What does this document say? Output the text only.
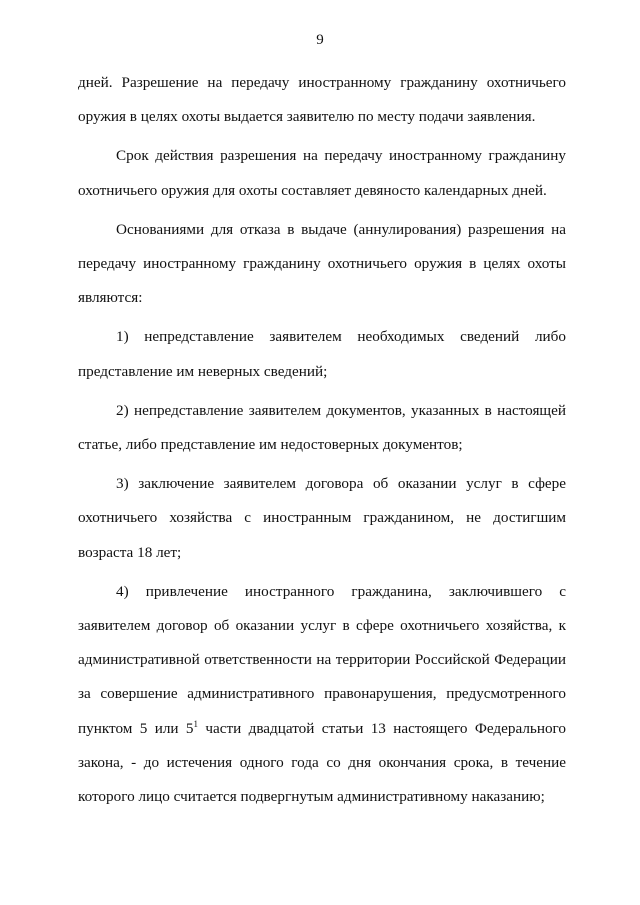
9

дней. Разрешение на передачу иностранному гражданину охотничьего оружия в целях охоты выдается заявителю по месту подачи заявления.

Срок действия разрешения на передачу иностранному гражданину охотничьего оружия для охоты составляет девяносто календарных дней.

Основаниями для отказа в выдаче (аннулирования) разрешения на передачу иностранному гражданину охотничьего оружия в целях охоты являются:

1) непредставление заявителем необходимых сведений либо представление им неверных сведений;

2) непредставление заявителем документов, указанных в настоящей статье, либо представление им недостоверных документов;

3) заключение заявителем договора об оказании услуг в сфере охотничьего хозяйства с иностранным гражданином, не достигшим возраста 18 лет;

4) привлечение иностранного гражданина, заключившего с заявителем договор об оказании услуг в сфере охотничьего хозяйства, к административной ответственности на территории Российской Федерации за совершение административного правонарушения, предусмотренного пунктом 5 или $5^1$ части двадцатой статьи 13 настоящего Федерального закона, - до истечения одного года со дня окончания срока, в течение которого лицо считается подвергнутым административному наказанию;
